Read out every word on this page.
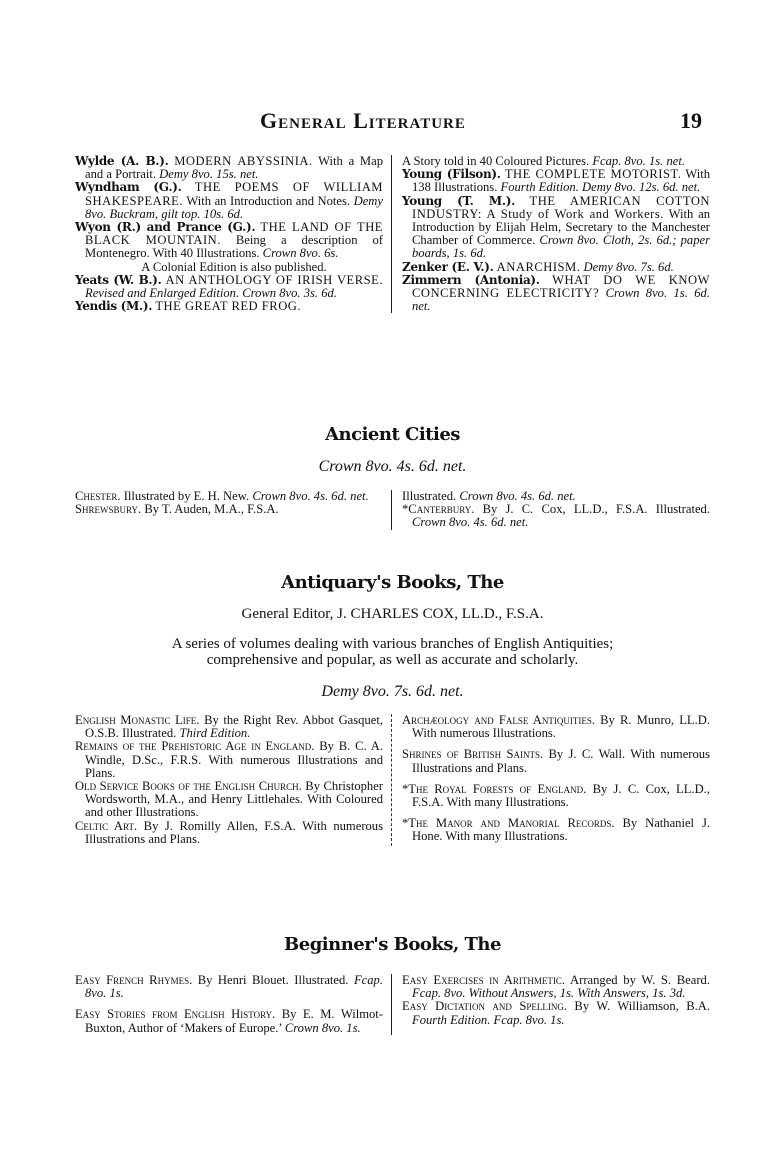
General Literature	19
Wylde (A. B.). MODERN ABYSSINIA. With a Map and a Portrait. Demy 8vo. 15s. net.
Wyndham (G.). THE POEMS OF WILLIAM SHAKESPEARE. With an Introduction and Notes. Demy 8vo. Buckram, gilt top. 10s. 6d.
Wyon (R.) and Prance (G.). THE LAND OF THE BLACK MOUNTAIN. Being a description of Montenegro. With 40 Illustrations. Crown 8vo. 6s.
A Colonial Edition is also published.
Yeats (W. B.). AN ANTHOLOGY OF IRISH VERSE. Revised and Enlarged Edition. Crown 8vo. 3s. 6d.
Yendis (M.). THE GREAT RED FROG.
A Story told in 40 Coloured Pictures. Fcap. 8vo. 1s. net.
Young (Filson). THE COMPLETE MOTORIST. With 138 Illustrations. Fourth Edition. Demy 8vo. 12s. 6d. net.
Young (T. M.). THE AMERICAN COTTON INDUSTRY: A Study of Work and Workers. With an Introduction by Elijah Helm, Secretary to the Manchester Chamber of Commerce. Crown 8vo. Cloth, 2s. 6d.; paper boards, 1s. 6d.
Zenker (E. V.). ANARCHISM. Demy 8vo. 7s. 6d.
Zimmern (Antonia). WHAT DO WE KNOW CONCERNING ELECTRICITY? Crown 8vo. 1s. 6d. net.
Ancient Cities
Crown 8vo. 4s. 6d. net.
Chester. Illustrated by E. H. New. Crown 8vo. 4s. 6d. net.
Shrewsbury. By T. Auden, M.A., F.S.A.
Illustrated. Crown 8vo. 4s. 6d. net.
*Canterbury. By J. C. Cox, LL.D., F.S.A. Illustrated. Crown 8vo. 4s. 6d. net.
Antiquary's Books, The
General Editor, J. CHARLES COX, LL.D., F.S.A.
A series of volumes dealing with various branches of English Antiquities;
comprehensive and popular, as well as accurate and scholarly.
Demy 8vo. 7s. 6d. net.
English Monastic Life. By the Right Rev. Abbot Gasquet, O.S.B. Illustrated. Third Edition.
Remains of the Prehistoric Age in England. By B. C. A. Windle, D.Sc., F.R.S. With numerous Illustrations and Plans.
Old Service Books of the English Church. By Christopher Wordsworth, M.A., and Henry Littlehales. With Coloured and other Illustrations.
Celtic Art. By J. Romilly Allen, F.S.A. With numerous Illustrations and Plans.
Archæology and False Antiquities. By R. Munro, LL.D. With numerous Illustrations.
Shrines of British Saints. By J. C. Wall. With numerous Illustrations and Plans.
*The Royal Forests of England. By J. C. Cox, LL.D., F.S.A. With many Illustrations.
*The Manor and Manorial Records. By Nathaniel J. Hone. With many Illustrations.
Beginner's Books, The
Easy French Rhymes. By Henri Blouet. Illustrated. Fcap. 8vo. 1s.
Easy Stories from English History. By E. M. Wilmot-Buxton, Author of ‘Makers of Europe.’ Crown 8vo. 1s.
Easy Exercises in Arithmetic. Arranged by W. S. Beard. Fcap. 8vo. Without Answers, 1s. With Answers, 1s. 3d.
Easy Dictation and Spelling. By W. Williamson, B.A. Fourth Edition. Fcap. 8vo. 1s.
